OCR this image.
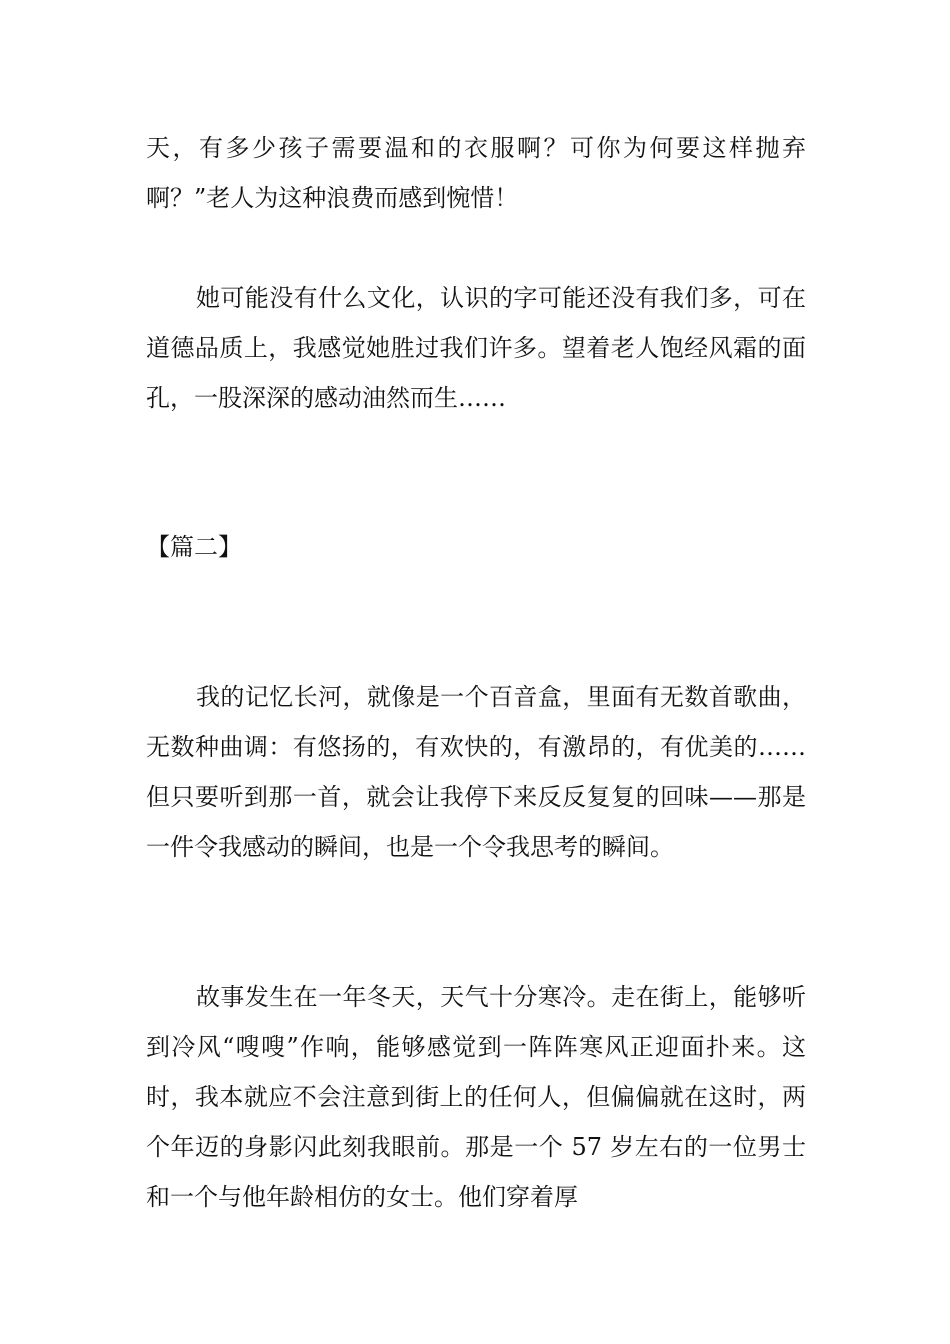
天，有多少孩子需要温和的衣服啊？可你为何要这样抛弃啊？”老人为这种浪费而感到惋惜！

她可能没有什么文化，认识的字可能还没有我们多，可在道德品质上，我感觉她胜过我们许多。望着老人饱经风霜的面孔，一股深深的感动油然而生……

【篇二】

我的记忆长河，就像是一个百音盒，里面有无数首歌曲，无数种曲调：有悠扬的，有欢快的，有激昂的，有优美的……但只要听到那一首，就会让我停下来反反复复的回味——那是一件令我感动的瞬间，也是一个令我思考的瞬间。

故事发生在一年冬天，天气十分寒冷。走在街上，能够听到冷风“嗖嗖”作响，能够感觉到一阵阵寒风正迎面扑来。这时，我本就应不会注意到街上的任何人，但偏偏就在这时，两个年迈的身影闪此刻我眼前。那是一个 57 岁左右的一位男士和一个与他年龄相仿的女士。他们穿着厚
